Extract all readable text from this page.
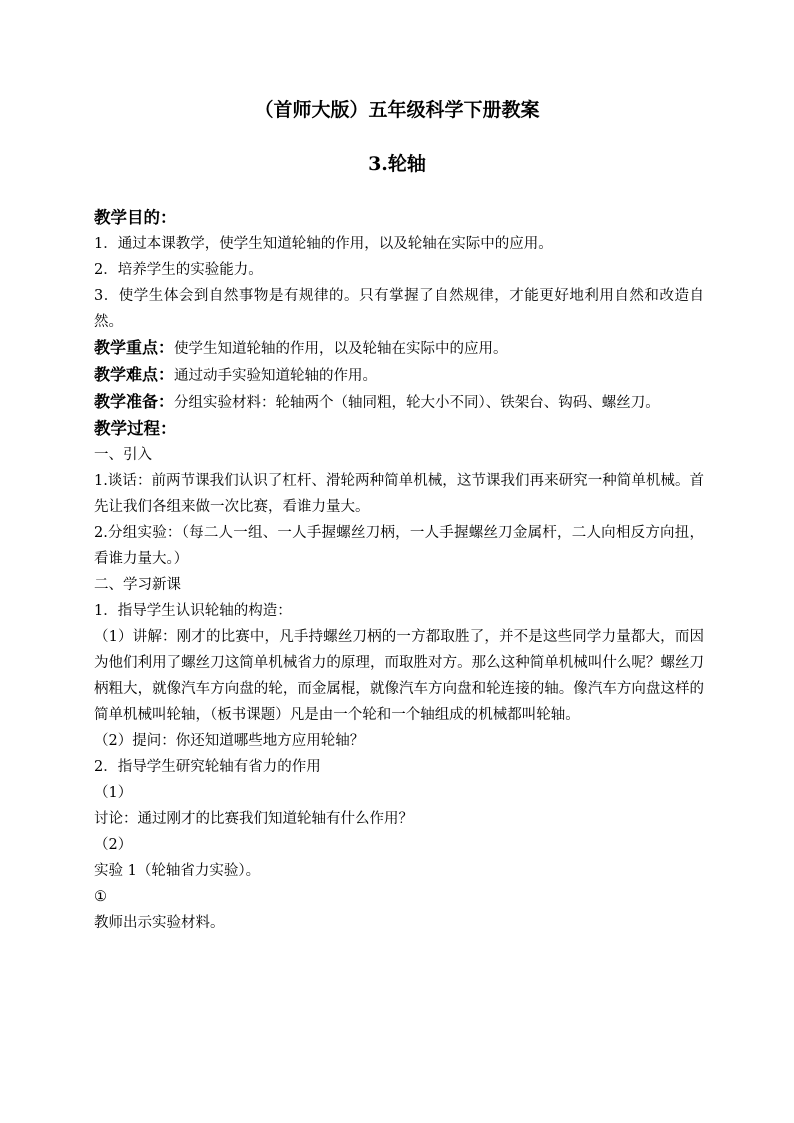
（首师大版）五年级科学下册教案
3.轮轴

教学目的：

1．通过本课教学，使学生知道轮轴的作用，以及轮轴在实际中的应用。

2．培养学生的实验能力。

3．使学生体会到自然事物是有规律的。只有掌握了自然规律，才能更好地利用自然和改造自然。

教学重点：使学生知道轮轴的作用，以及轮轴在实际中的应用。

教学难点：通过动手实验知道轮轴的作用。

教学准备：分组实验材料：轮轴两个（轴同粗，轮大小不同）、铁架台、钩码、螺丝刀。

教学过程：

一、引入

1.谈话：前两节课我们认识了杠杆、滑轮两种简单机械，这节课我们再来研究一种简单机械。首先让我们各组来做一次比赛，看谁力量大。

2.分组实验：（每二人一组、一人手握螺丝刀柄，一人手握螺丝刀金属杆，二人向相反方向扭，看谁力量大。）

二、学习新课

1．指导学生认识轮轴的构造：

（1）讲解：刚才的比赛中，凡手持螺丝刀柄的一方都取胜了，并不是这些同学力量都大，而因为他们利用了螺丝刀这简单机械省力的原理，而取胜对方。那么这种简单机械叫什么呢？螺丝刀柄粗大，就像汽车方向盘的轮，而金属棍，就像汽车方向盘和轮连接的轴。像汽车方向盘这样的简单机械叫轮轴，（板书课题）凡是由一个轮和一个轴组成的机械都叫轮轴。

（2）提问：你还知道哪些地方应用轮轴？

2．指导学生研究轮轴有省力的作用

（1）

讨论：通过刚才的比赛我们知道轮轴有什么作用？

（2）

实验 1（轮轴省力实验）。

①

教师出示实验材料。
